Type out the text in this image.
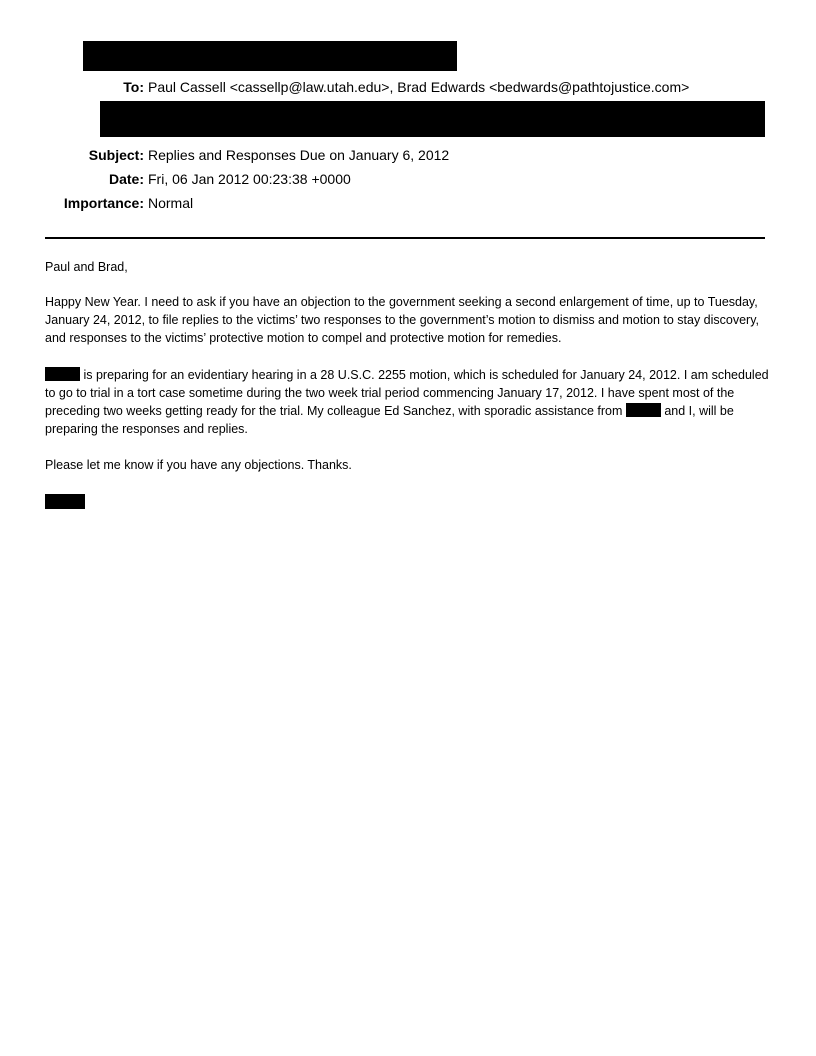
To: Paul Cassell <cassellp@law.utah.edu>, Brad Edwards <bedwards@pathtojustice.com>
Subject: Replies and Responses Due on January 6, 2012
Date: Fri, 06 Jan 2012 00:23:38 +0000
Importance: Normal

Paul and Brad,

Happy New Year. I need to ask if you have an objection to the government seeking a second enlargement of time, up to Tuesday, January 24, 2012, to file replies to the victims’ two responses to the government’s motion to dismiss and motion to stay discovery, and responses to the victims’ protective motion to compel and protective motion for remedies.

is preparing for an evidentiary hearing in a 28 U.S.C. 2255 motion, which is scheduled for January 24, 2012. I am scheduled to go to trial in a tort case sometime during the two week trial period commencing January 17, 2012. I have spent most of the preceding two weeks getting ready for the trial. My colleague Ed Sanchez, with sporadic assistance from	and I, will be preparing the responses and replies.

Please let me know if you have any objections. Thanks.
